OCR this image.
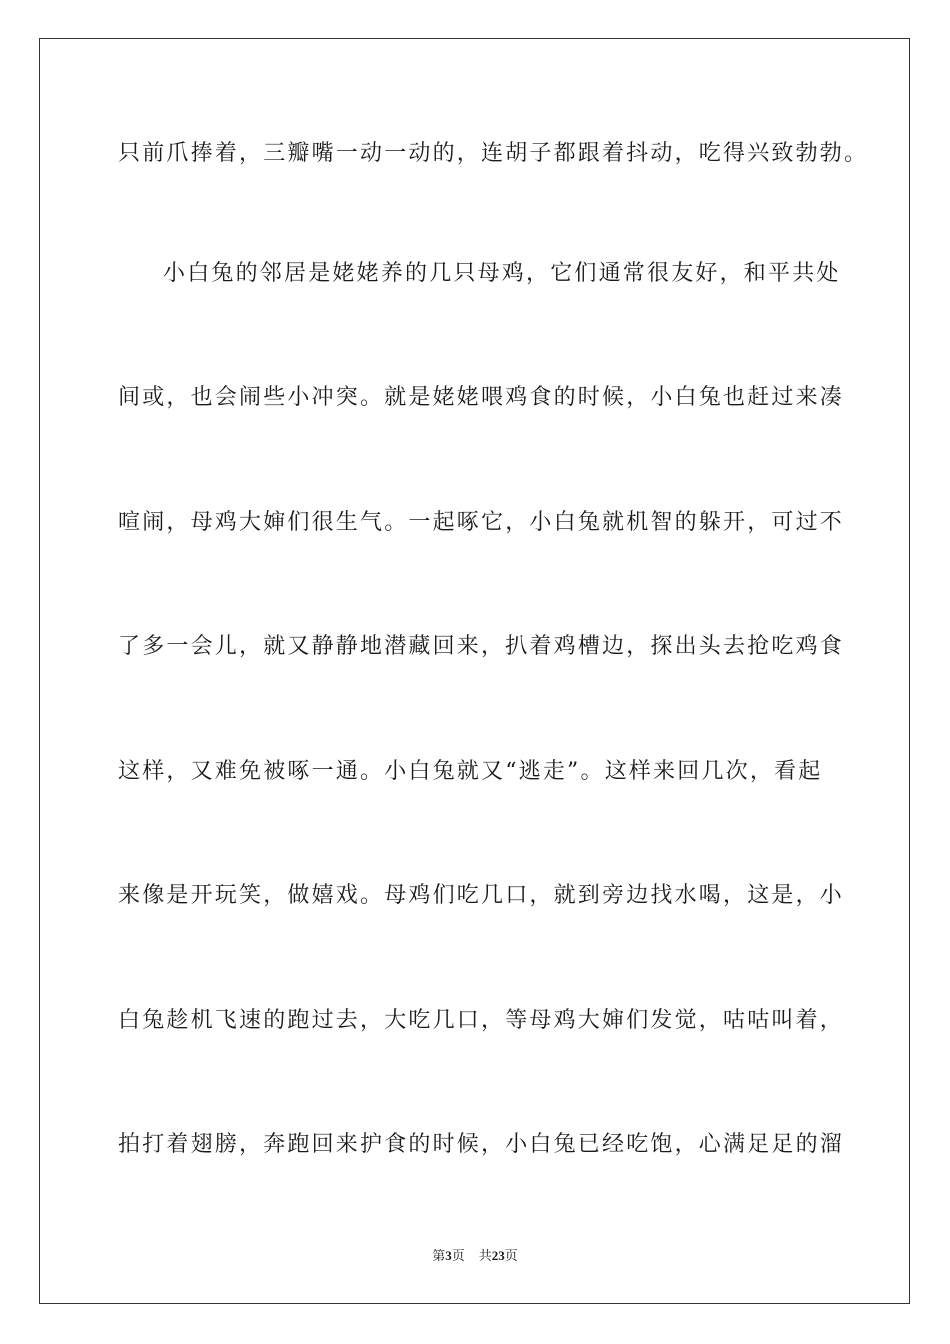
只前爪捧着，三瓣嘴一动一动的，连胡子都跟着抖动，吃得兴致勃勃。
小白兔的邻居是姥姥养的几只母鸡，它们通常很友好，和平共处
间或，也会闹些小冲突。就是姥姥喂鸡食的时候，小白兔也赶过来凑
喧闹，母鸡大婶们很生气。一起啄它，小白兔就机智的躲开，可过不
了多一会儿，就又静静地潜藏回来，扒着鸡槽边，探出头去抢吃鸡食
这样，又难免被啄一通。小白兔就又“逃走”。这样来回几次，看起
来像是开玩笑，做嬉戏。母鸡们吃几口，就到旁边找水喝，这是，小
白兔趁机飞速的跑过去，大吃几口，等母鸡大婶们发觉，咕咕叫着，
拍打着翅膀，奔跑回来护食的时候，小白兔已经吃饱，心满足足的溜
第3页 共23页
